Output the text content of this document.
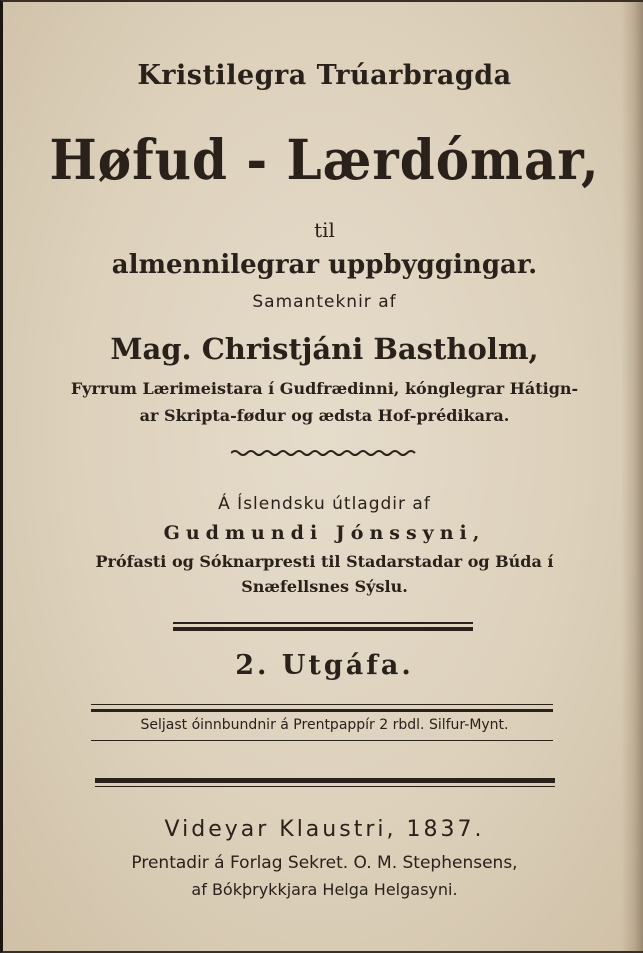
Kristilegra Trúarbragda
Høfud - Lærdómar,
til
almennilegrar uppbyggingar.
Samanteknir af
Mag. Christjáni Bastholm,
Fyrrum Lærimeistara í Gudfrædinni, kónglegrar Hátign-
ar Skripta-fødur og ædsta Hof-prédikara.
Á Íslendsku útlagdir af
Gudmundi Jónssyni,
Prófasti og Sóknarpresti til Stadarstadar og Búda í
Snæfellsnes Sýslu.
2. Utgáfa.
Seljast óinnbundnir á Prentpappír 2 rbdl. Silfur-Mynt.
Videyar Klaustri, 1837.
Prentadir á Forlag Sekret. O. M. Stephensens,
af Bókþrykkjara Helga Helgasyni.
